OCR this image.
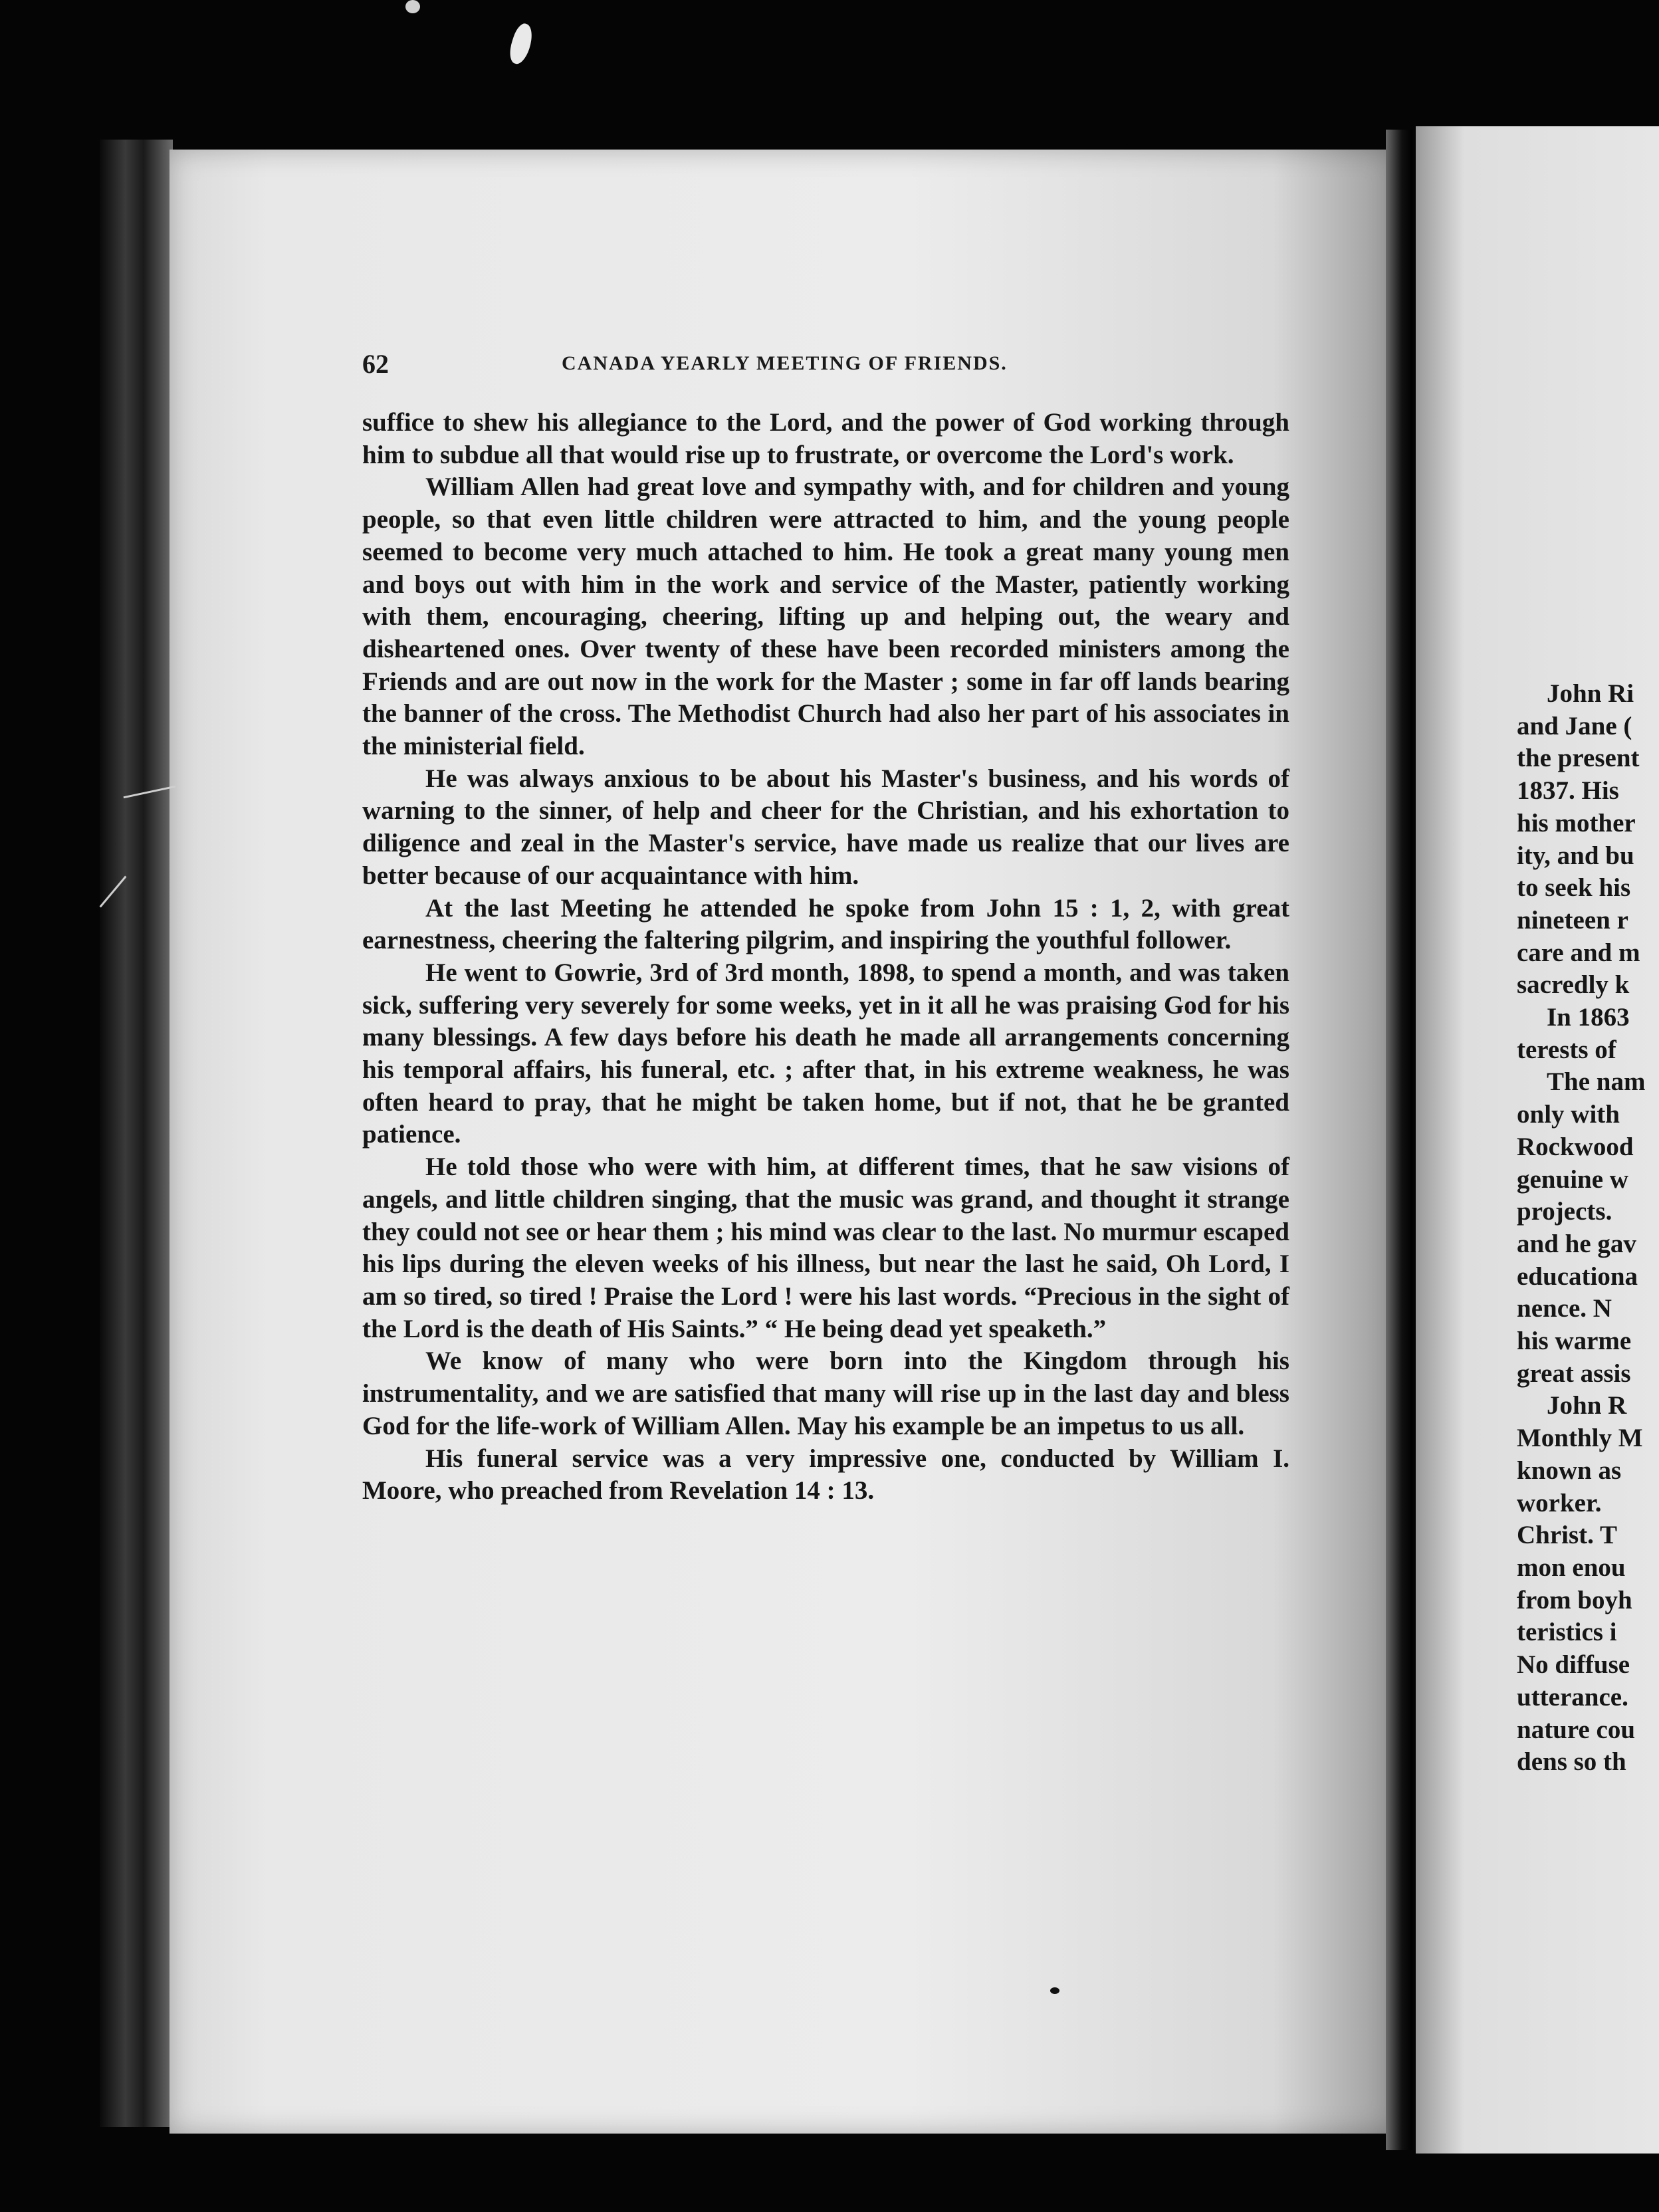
62	CANADA YEARLY MEETING OF FRIENDS.

suffice to shew his allegiance to the Lord, and the power of God working through him to subdue all that would rise up to frustrate, or overcome the Lord's work.

William Allen had great love and sympathy with, and for children and young people, so that even little children were attracted to him, and the young people seemed to become very much attached to him. He took a great many young men and boys out with him in the work and service of the Master, patiently working with them, encouraging, cheering, lifting up and helping out, the weary and disheartened ones. Over twenty of these have been recorded ministers among the Friends and are out now in the work for the Master ; some in far off lands bearing the banner of the cross. The Methodist Church had also her part of his associates in the ministerial field.

He was always anxious to be about his Master's business, and his words of warning to the sinner, of help and cheer for the Christian, and his exhortation to diligence and zeal in the Master's service, have made us realize that our lives are better because of our acquaintance with him.

At the last Meeting he attended he spoke from John 15 : 1, 2, with great earnestness, cheering the faltering pilgrim, and inspiring the youthful follower.

He went to Gowrie, 3rd of 3rd month, 1898, to spend a month, and was taken sick, suffering very severely for some weeks, yet in it all he was praising God for his many blessings. A few days before his death he made all arrangements concerning his temporal affairs, his funeral, etc. ; after that, in his extreme weakness, he was often heard to pray, that he might be taken home, but if not, that he be granted patience.

He told those who were with him, at different times, that he saw visions of angels, and little children singing, that the music was grand, and thought it strange they could not see or hear them ; his mind was clear to the last. No murmur escaped his lips during the eleven weeks of his illness, but near the last he said, Oh Lord, I am so tired, so tired ! Praise the Lord ! were his last words. “Precious in the sight of the Lord is the death of His Saints.” “ He being dead yet speaketh.”

We know of many who were born into the Kingdom through his instrumentality, and we are satisfied that many will rise up in the last day and bless God for the life-work of William Allen. May his example be an impetus to us all.

His funeral service was a very impressive one, conducted by William I. Moore, who preached from Revelation 14 : 13.

John Ri
and Jane (
the present
1837. His
his mother
ity, and bu
to seek his
nineteen r
care and m
sacredly k
In 1863
terests of
The nam
only with
Rockwood
genuine w
projects.
and he gav
educationa
nence. N
his warme
great assis
John R
Monthly M
known as
worker.
Christ. T
mon enou
from boyh
teristics i
No diffuse
utterance.
nature cou
dens so th
